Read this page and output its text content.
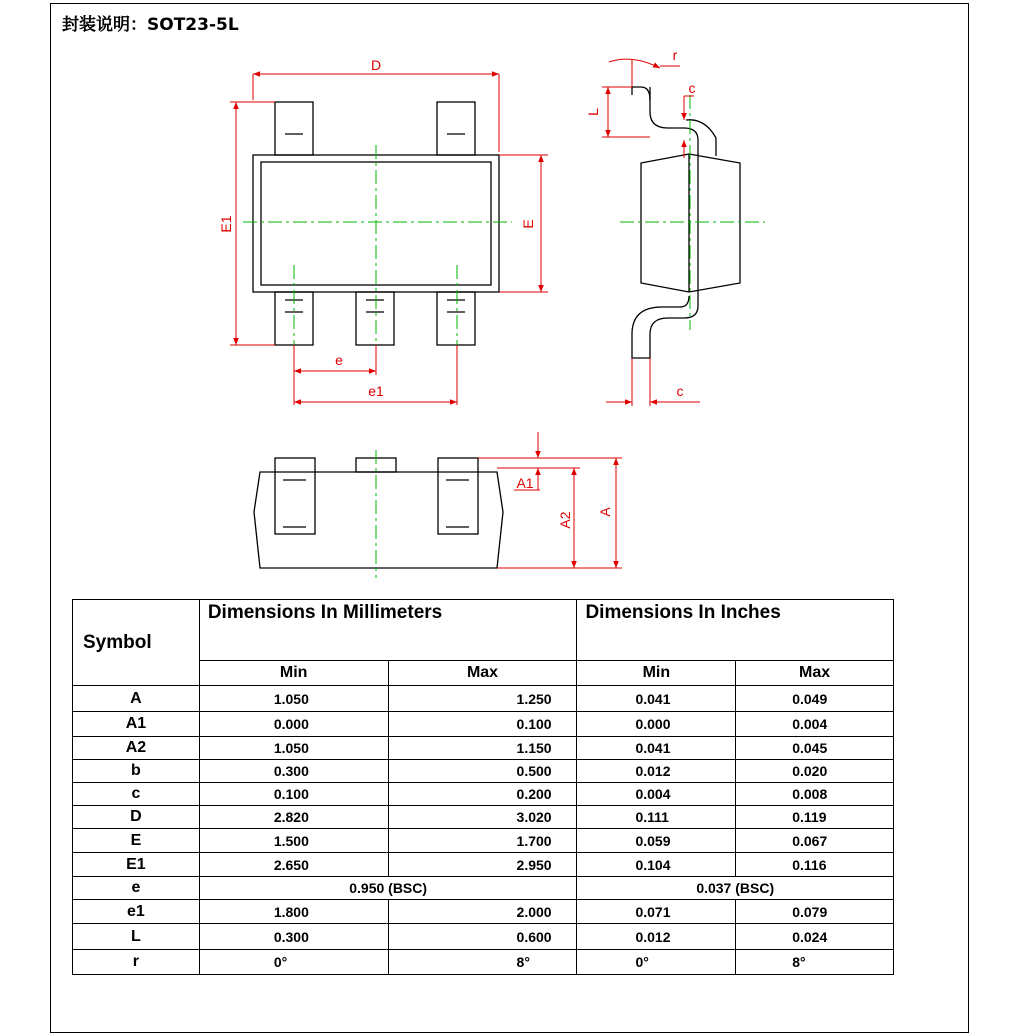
封装说明：SOT23-5L
D
E1	E
e
e1
L
r
c
c
A1
A2 A
Symbol	Dimensions In Millimeters		Dimensions In Inches	
	Min	Max	Min	Max
A	1.050	1.250	0.041	0.049
A1	0.000	0.100	0.000	0.004
A2	1.050	1.150	0.041	0.045
b	0.300	0.500	0.012	0.020
c	0.100	0.200	0.004	0.008
D	2.820	3.020	0.111	0.119
E	1.500	1.700	0.059	0.067
E1	2.650	2.950	0.104	0.116
e	0.950 (BSC)		0.037 (BSC)	
e1	1.800	2.000	0.071	0.079
L	0.300	0.600	0.012	0.024
r	0°	8°	0°	8°
